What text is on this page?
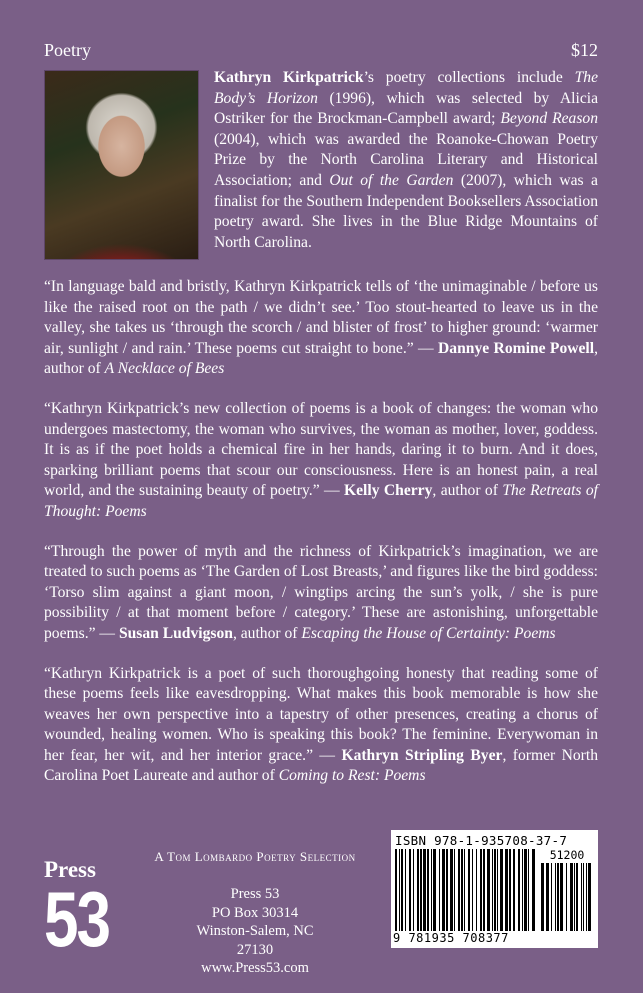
Poetry	$12
Kathryn Kirkpatrick’s poetry collections include The Body’s Horizon (1996), which was selected by Alicia Ostriker for the Brockman-Campbell award; Beyond Reason (2004), which was awarded the Roanoke-Chowan Poetry Prize by the North Carolina Literary and Historical Association; and Out of the Garden (2007), which was a finalist for the Southern Independent Booksellers Association poetry award. She lives in the Blue Ridge Mountains of North Carolina.

“In language bald and bristly, Kathryn Kirkpatrick tells of ‘the unimaginable / before us like the raised root on the path / we didn’t see.’ Too stout-hearted to leave us in the valley, she takes us ‘through the scorch / and blister of frost’ to higher ground: ‘warmer air, sunlight / and rain.’ These poems cut straight to bone.” — Dannye Romine Powell, author of A Necklace of Bees

“Kathryn Kirkpatrick’s new collection of poems is a book of changes: the woman who undergoes mastectomy, the woman who survives, the woman as mother, lover, goddess. It is as if the poet holds a chemical fire in her hands, daring it to burn. And it does, sparking brilliant poems that scour our consciousness. Here is an honest pain, a real world, and the sustaining beauty of poetry.” — Kelly Cherry, author of The Retreats of Thought: Poems

“Through the power of myth and the richness of Kirkpatrick’s imagination, we are treated to such poems as ‘The Garden of Lost Breasts,’ and figures like the bird goddess: ‘Torso slim against a giant moon, / wingtips arcing the sun’s yolk, / she is pure possibility / at that moment before / category.’ These are astonishing, unforgettable poems.” — Susan Ludvigson, author of Escaping the House of Certainty: Poems

“Kathryn Kirkpatrick is a poet of such thoroughgoing honesty that reading some of these poems feels like eavesdropping. What makes this book memorable is how she weaves her own perspective into a tapestry of other presences, creating a chorus of wounded, healing women. Who is speaking this book? The feminine. Everywoman in her fear, her wit, and her interior grace.” — Kathryn Stripling Byer, former North Carolina Poet Laureate and author of Coming to Rest: Poems

Press
53
A Tom Lombardo Poetry Selection
Press 53
PO Box 30314
Winston-Salem, NC 27130
www.Press53.com
ISBN 978-1-935708-37-7
51200
9 781935 708377
